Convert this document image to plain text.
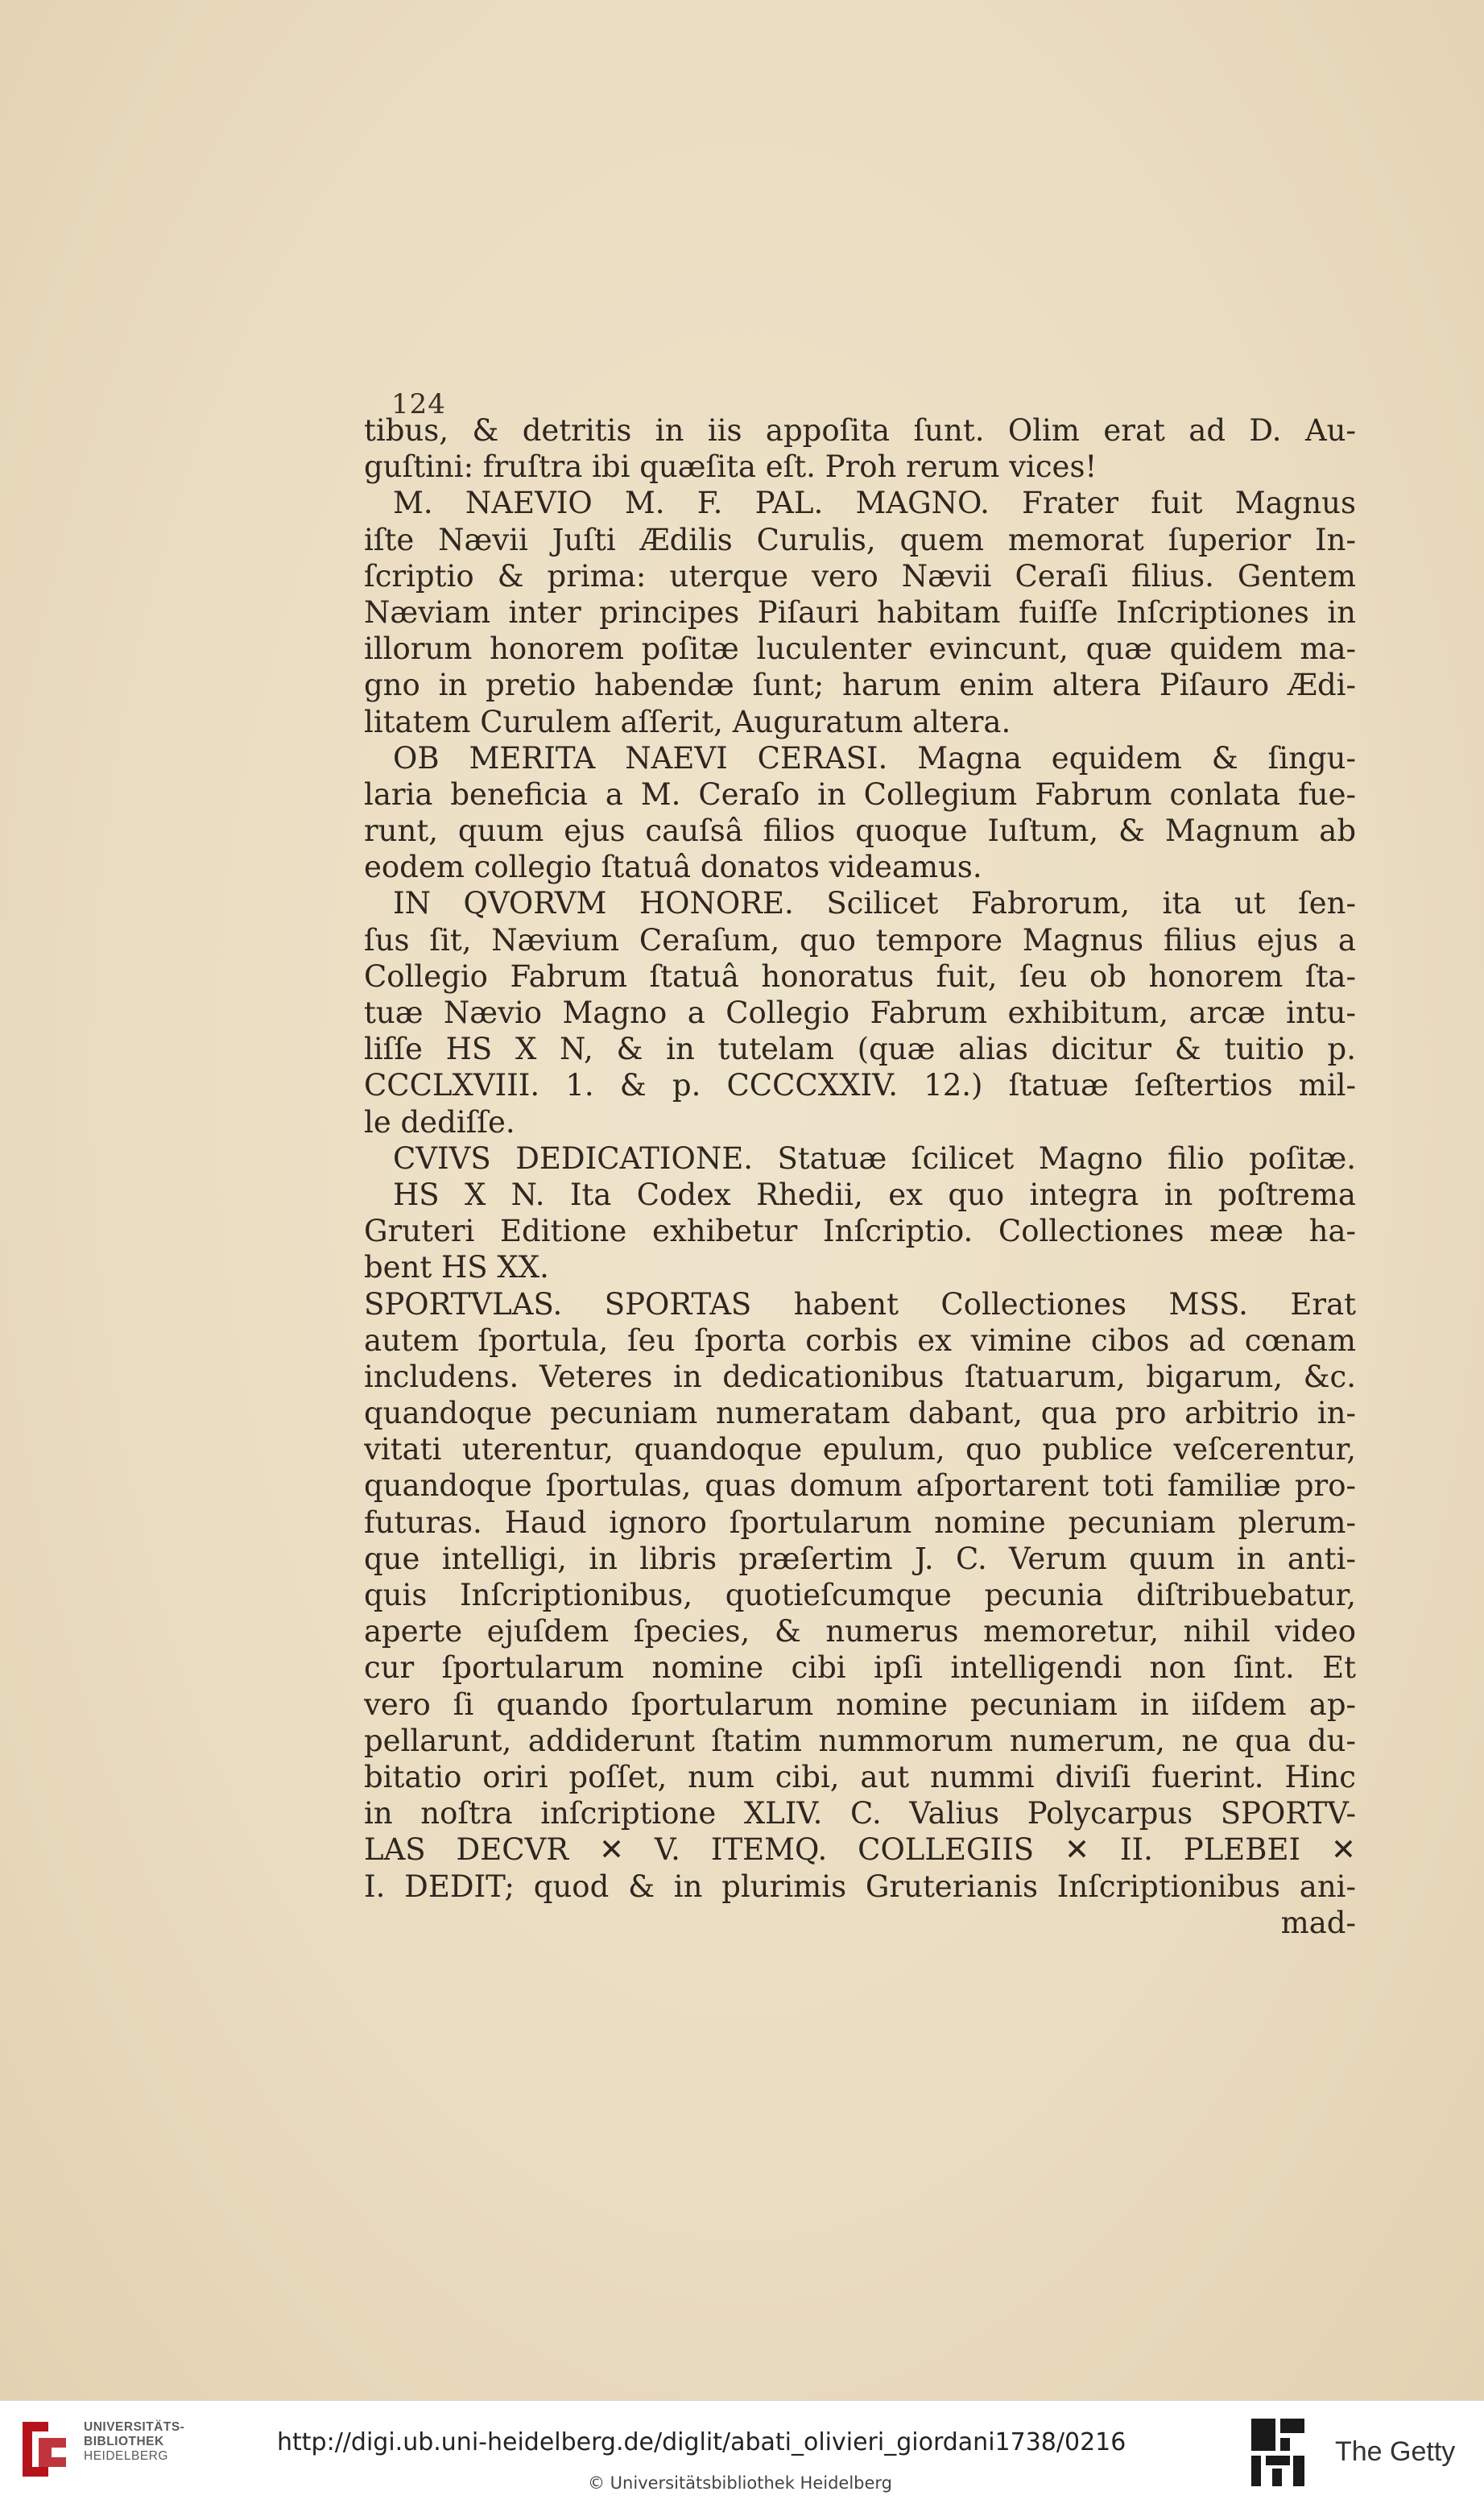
124
tibus, & detritis in iis appoſita ſunt. Olim erat ad D. Au-
guſtini: fruſtra ibi quæſita eſt. Proh rerum vices!
M. NAEVIO M. F. PAL. MAGNO. Frater fuit Magnus
iſte Nævii Juſti Ædilis Curulis, quem memorat ſuperior In-
ſcriptio & prima: uterque vero Nævii Ceraſi filius. Gentem
Næviam inter principes Piſauri habitam fuiſſe Inſcriptiones in
illorum honorem poſitæ luculenter evincunt, quæ quidem ma-
gno in pretio habendæ ſunt; harum enim altera Piſauro Ædi-
litatem Curulem aſſerit, Auguratum altera.
OB MERITA NAEVI CERASI. Magna equidem & ſingu-
laria beneficia a M. Ceraſo in Collegium Fabrum conlata fue-
runt, quum ejus cauſsâ filios quoque Iuſtum, & Magnum ab
eodem collegio ſtatuâ donatos videamus.
IN QVORVM HONORE. Scilicet Fabrorum, ita ut ſen-
ſus ſit, Nævium Ceraſum, quo tempore Magnus filius ejus a
Collegio Fabrum ſtatuâ honoratus fuit, ſeu ob honorem ſta-
tuæ Nævio Magno a Collegio Fabrum exhibitum, arcæ intu-
liſſe HS X N, & in tutelam (quæ alias dicitur & tuitio p.
CCCLXVIII. 1. & p. CCCCXXIV. 12.) ſtatuæ ſeſtertios mil-
le dediſſe.
CVIVS DEDICATIONE. Statuæ ſcilicet Magno filio poſitæ.
HS X N. Ita Codex Rhedii, ex quo integra in poſtrema
Gruteri Editione exhibetur Inſcriptio. Collectiones meæ ha-
bent HS XX.
SPORTVLAS. SPORTAS habent Collectiones MSS. Erat
autem ſportula, ſeu ſporta corbis ex vimine cibos ad cœnam
includens. Veteres in dedicationibus ſtatuarum, bigarum, &c.
quandoque pecuniam numeratam dabant, qua pro arbitrio in-
vitati uterentur, quandoque epulum, quo publice veſcerentur,
quandoque ſportulas, quas domum aſportarent toti familiæ pro-
futuras. Haud ignoro ſportularum nomine pecuniam plerum-
que intelligi, in libris præſertim J. C. Verum quum in anti-
quis Inſcriptionibus, quotieſcumque pecunia diſtribuebatur,
aperte ejuſdem ſpecies, & numerus memoretur, nihil video
cur ſportularum nomine cibi ipſi intelligendi non ſint. Et
vero ſi quando ſportularum nomine pecuniam in iiſdem ap-
pellarunt, addiderunt ſtatim nummorum numerum, ne qua du-
bitatio oriri poſſet, num cibi, aut nummi diviſi fuerint. Hinc
in noſtra inſcriptione XLIV. C. Valius Polycarpus SPORTV-
LAS DECVR ✕ V. ITEMQ. COLLEGIIS ✕ II. PLEBEI ✕
I. DEDIT; quod & in plurimis Gruterianis Inſcriptionibus ani-
mad-
UNIVERSITÄTS-
BIBLIOTHEK
HEIDELBERG	http://digi.ub.uni-heidelberg.de/diglit/abati_olivieri_giordani1738/0216
© Universitätsbibliothek Heidelberg
The Getty
